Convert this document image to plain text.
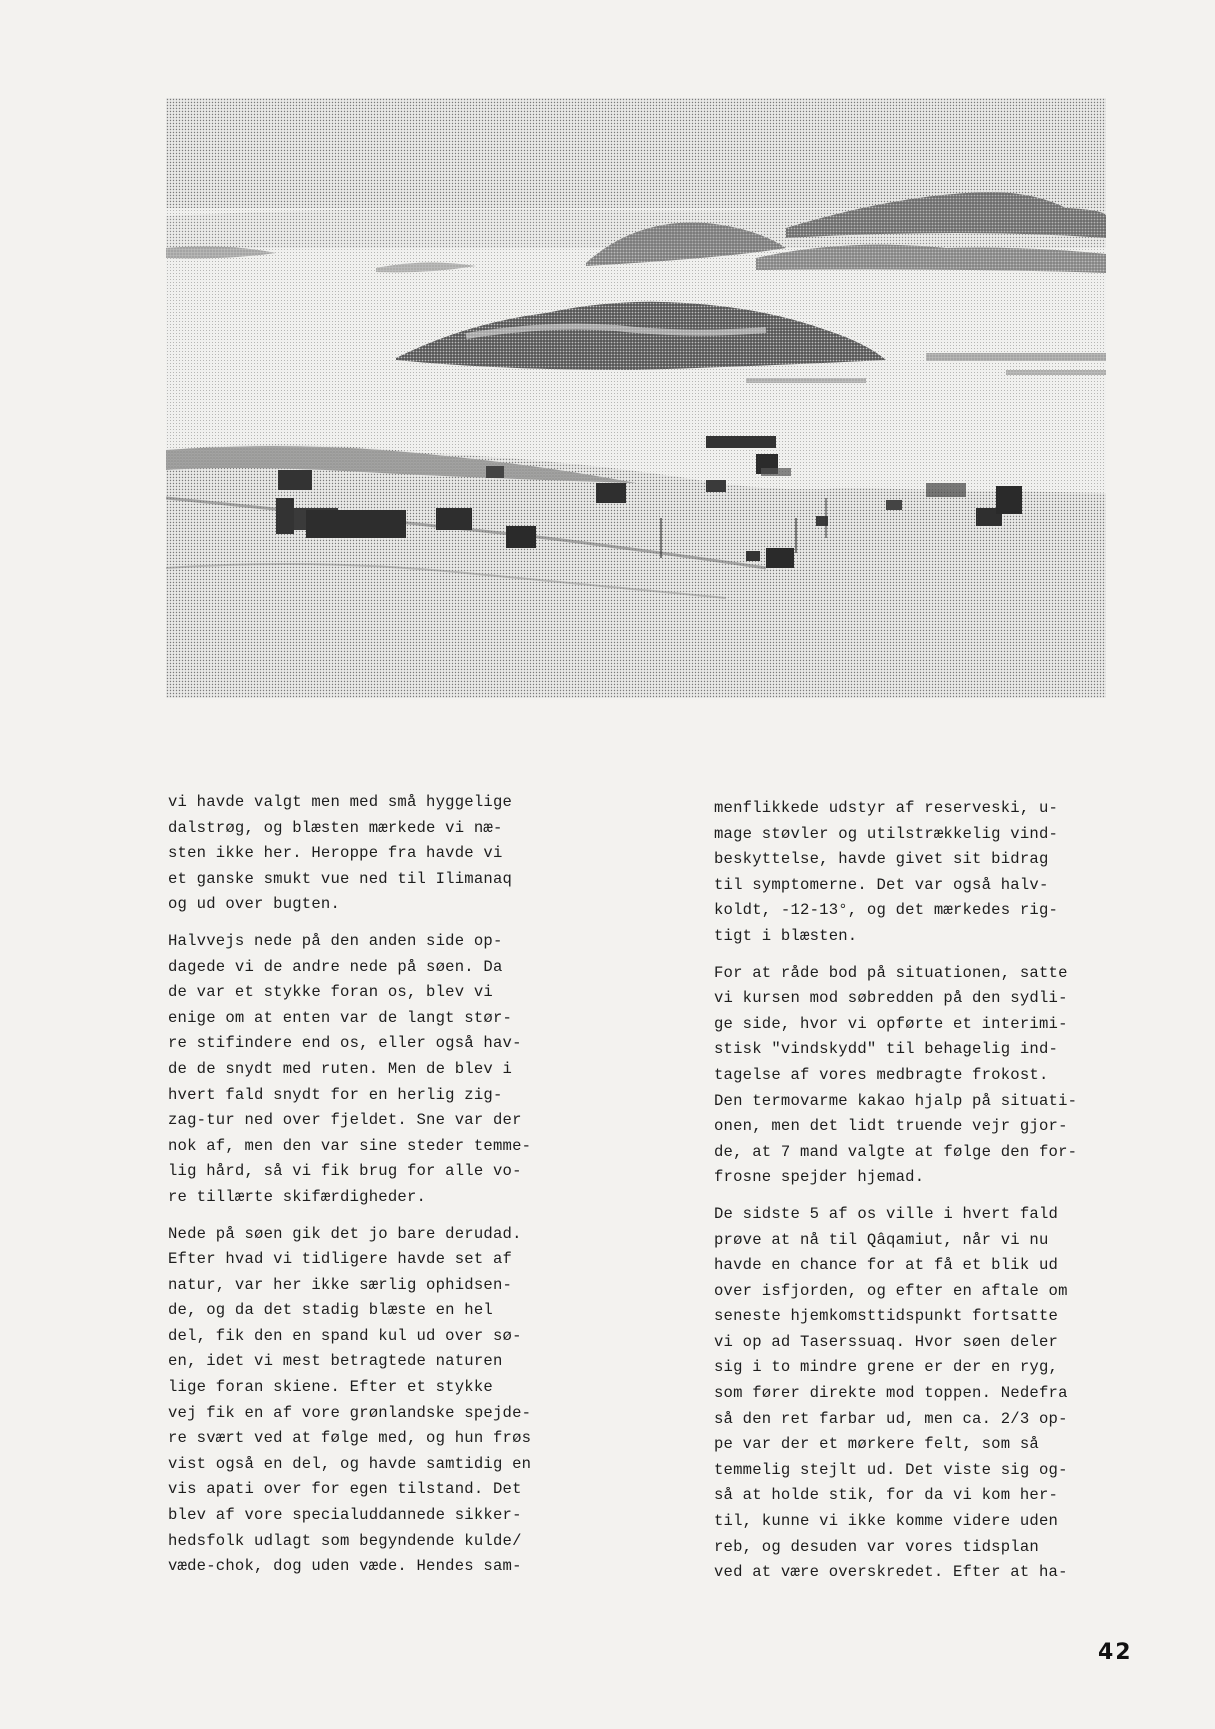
vi havde valgt men med små hyggelige
dalstrøg, og blæsten mærkede vi næ-
sten ikke her. Heroppe fra havde vi
et ganske smukt vue ned til Ilimanaq
og ud over bugten.
Halvvejs nede på den anden side op-
dagede vi de andre nede på søen. Da
de var et stykke foran os, blev vi
enige om at enten var de langt stør-
re stifindere end os, eller også hav-
de de snydt med ruten. Men de blev i
hvert fald snydt for en herlig zig-
zag-tur ned over fjeldet. Sne var der
nok af, men den var sine steder temme-
lig hård, så vi fik brug for alle vo-
re tillærte skifærdigheder.
Nede på søen gik det jo bare derudad.
Efter hvad vi tidligere havde set af
natur, var her ikke særlig ophidsen-
de, og da det stadig blæste en hel
del, fik den en spand kul ud over sø-
en, idet vi mest betragtede naturen
lige foran skiene. Efter et stykke
vej fik en af vore grønlandske spejde-
re svært ved at følge med, og hun frøs
vist også en del, og havde samtidig en
vis apati over for egen tilstand. Det
blev af vore specialuddannede sikker-
hedsfolk udlagt som begyndende kulde/
væde-chok, dog uden væde. Hendes sam-
menflikkede udstyr af reserveski, u-
mage støvler og utilstrækkelig vind-
beskyttelse, havde givet sit bidrag
til symptomerne. Det var også halv-
koldt, -12-13°, og det mærkedes rig-
tigt i blæsten.
For at råde bod på situationen, satte
vi kursen mod søbredden på den sydli-
ge side, hvor vi opførte et interimi-
stisk "vindskydd" til behagelig ind-
tagelse af vores medbragte frokost.
Den termovarme kakao hjalp på situati-
onen, men det lidt truende vejr gjor-
de, at 7 mand valgte at følge den for-
frosne spejder hjemad.
De sidste 5 af os ville i hvert fald
prøve at nå til Qâqamiut, når vi nu
havde en chance for at få et blik ud
over isfjorden, og efter en aftale om
seneste hjemkomsttidspunkt fortsatte
vi op ad Taserssuaq. Hvor søen deler
sig i to mindre grene er der en ryg,
som fører direkte mod toppen. Nedefra
så den ret farbar ud, men ca. 2/3 op-
pe var der et mørkere felt, som så
temmelig stejlt ud. Det viste sig og-
så at holde stik, for da vi kom her-
til, kunne vi ikke komme videre uden
reb, og desuden var vores tidsplan
ved at være overskredet. Efter at ha-
42
